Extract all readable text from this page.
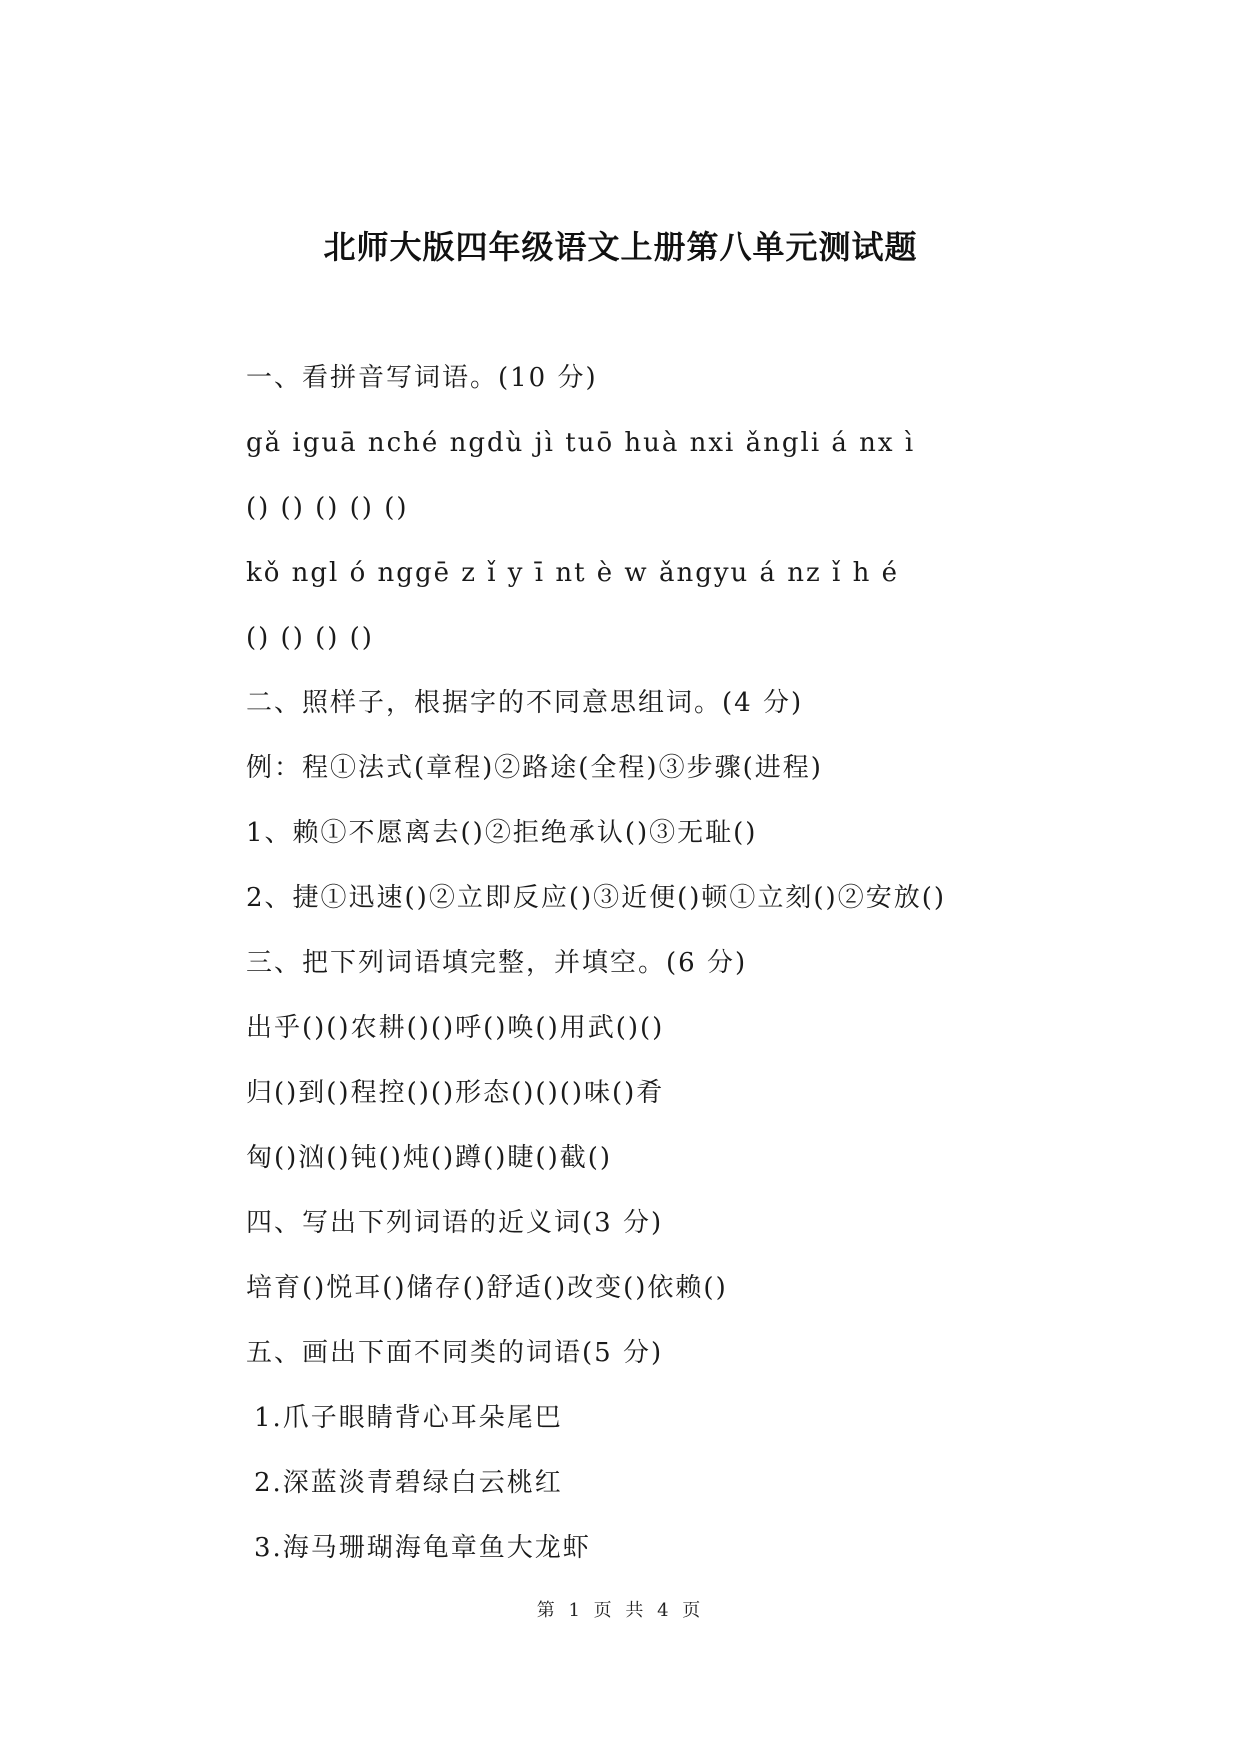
北师大版四年级语文上册第八单元测试题
一、看拼音写词语。(10 分)
gǎ iguā nché ngdù jì tuō huà nxi ǎngli á nx ì
() () () () ()
kǒ ngl ó nggē z ǐ y ī nt è w ǎngyu á nz ǐ h é
() () () ()
二、照样子，根据字的不同意思组词。(4 分)
例：程①法式(章程)②路途(全程)③步骤(进程)
1、赖①不愿离去()②拒绝承认()③无耻()
2、捷①迅速()②立即反应()③近便()顿①立刻()②安放()
三、把下列词语填完整，并填空。(6 分)
出乎()()农耕()()呼()唤()用武()()
归()到()程控()()形态()()()味()肴
匈()汹()钝()炖()蹲()睫()截()
四、写出下列词语的近义词(3 分)
培育()悦耳()储存()舒适()改变()依赖()
五、画出下面不同类的词语(5 分)
1.爪子眼睛背心耳朵尾巴
2.深蓝淡青碧绿白云桃红
3.海马珊瑚海龟章鱼大龙虾
第 1 页 共 4 页
